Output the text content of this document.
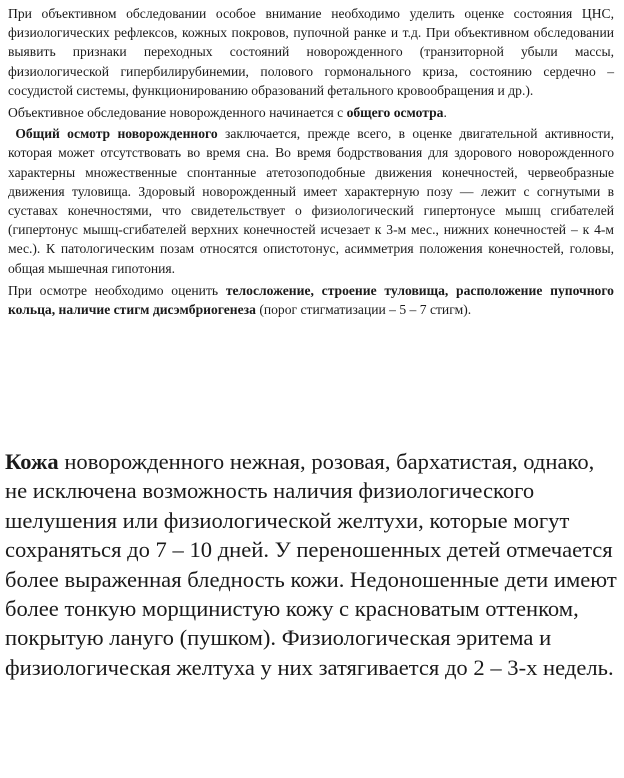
При объективном обследовании особое внимание необходимо уделить оценке состояния ЦНС, физиологических рефлексов, кожных покровов, пупочной ранке и т.д. При объективном обследовании выявить признаки переходных состояний новорожденного (транзиторной убыли массы, физиологической гипербилирубинемии, полового гормонального криза, состоянию сердечно – сосудистой системы, функционированию образований фетального кровообращения и др.).

Объективное обследование новорожденного начинается с общего осмотра.

Общий осмотр новорожденного заключается, прежде всего, в оценке двигательной активности, которая может отсутствовать во время сна. Во время бодрствования для здорового новорожденного характерны множественные спонтанные атетозоподобные движения конечностей, червеобразные движения туловища. Здоровый новорожденный имеет характерную позу — лежит с согнутыми в суставах конечностями, что свидетельствует о физиологический гипертонусе мышц сгибателей (гипертонус мышц-сгибателей верхних конечностей исчезает к 3-м мес., нижних конечностей – к 4-м мес.). К патологическим позам относятся опистотонус, асимметрия положения конечностей, головы, общая мышечная гипотония.

При осмотре необходимо оценить телосложение, строение туловища, расположение пупочного кольца, наличие стигм дисэмбриогенеза (порог стигматизации – 5 – 7 стигм).

Кожа новорожденного нежная, розовая, бархатистая, однако, не исключена возможность наличия физиологического шелушения или физиологической желтухи, которые могут сохраняться до 7 – 10 дней. У переношенных детей отмечается более выраженная бледность кожи. Недоношенные дети имеют более тонкую морщинистую кожу с красноватым оттенком, покрытую лануго (пушком). Физиологическая эритема и физиологическая желтуха у них затягивается до 2 – 3-х недель.
